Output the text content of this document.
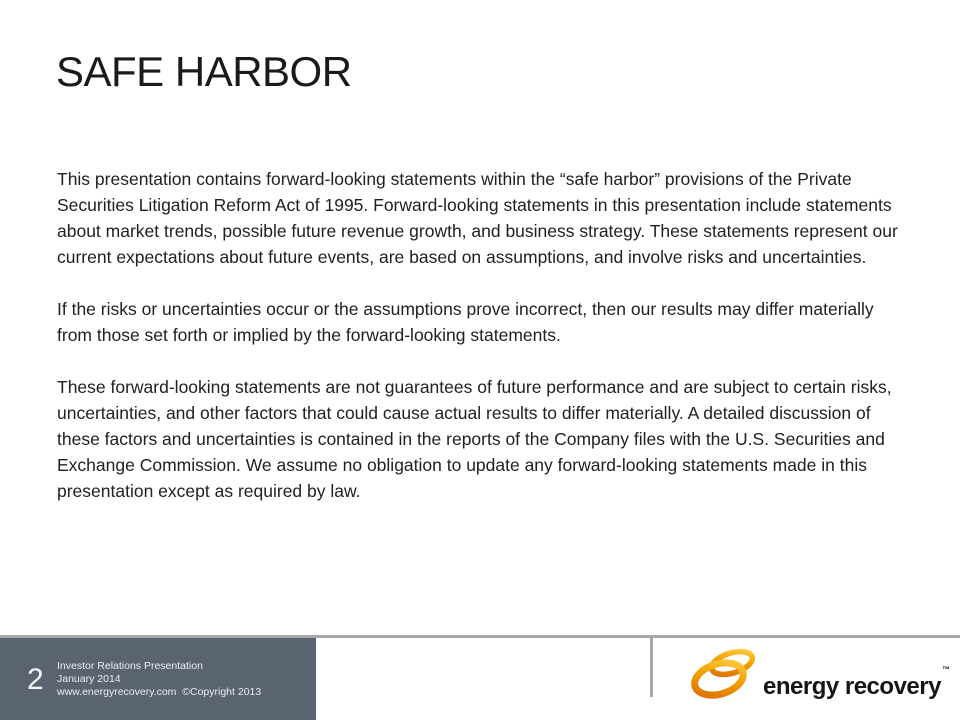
SAFE HARBOR

This presentation contains forward-looking statements within the “safe harbor” provisions of the Private Securities Litigation Reform Act of 1995. Forward-looking statements in this presentation include statements about market trends, possible future revenue growth, and business strategy. These statements represent our current expectations about future events, are based on assumptions, and involve risks and uncertainties.

If the risks or uncertainties occur or the assumptions prove incorrect, then our results may differ materially from those set forth or implied by the forward-looking statements.

These forward-looking statements are not guarantees of future performance and are subject to certain risks, uncertainties, and other factors that could cause actual results to differ materially. A detailed discussion of these factors and uncertainties is contained in the reports of the Company files with the U.S. Securities and Exchange Commission. We assume no obligation to update any forward-looking statements made in this presentation except as required by law.

2 Investor Relations Presentation
January 2014
www.energyrecovery.com  ©Copyright 2013	energy recovery™
